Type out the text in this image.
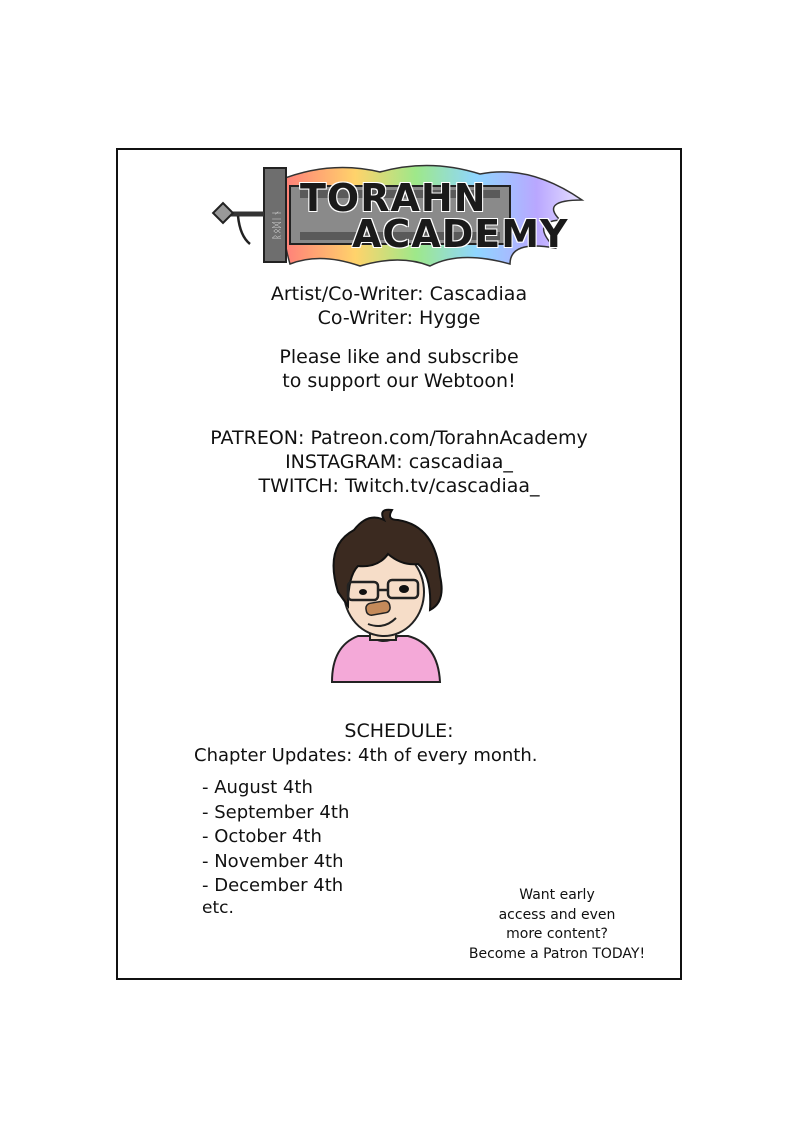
ᚱᛟᛞᛁᚾ
TORAHN
ACADEMY
Artist/Co-Writer: Cascadiaa
Co-Writer: Hygge
Please like and subscribe
to support our Webtoon!
PATREON: Patreon.com/TorahnAcademy
INSTAGRAM: cascadiaa_
TWITCH: Twitch.tv/cascadiaa_
SCHEDULE:
Chapter Updates: 4th of every month.
- August 4th
- September 4th
- October 4th
- November 4th
- December 4th
etc.
Want early
access and even
more content?
Become a Patron TODAY!
